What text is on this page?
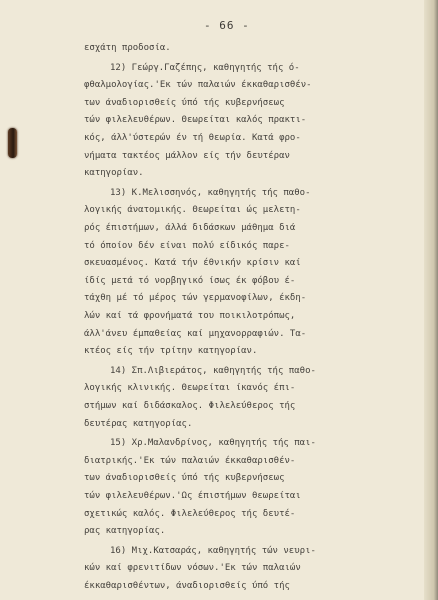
- 66 -
εσχάτη προδοσία.
12) Γεώργ.Γαζέπης, καθηγητής τής ό-
φθαλμολογίας.'Εκ τών παλαιών έκκαθαρισθέν-
των άναδιορισθείς ύπό τής κυβερνήσεως
τών φιλελευθέρων. Θεωρείται καλός πρακτι-
κός, άλλ'ύστερών έν τή θεωρία. Κατά φρο-
νήματα τακτέος μάλλον είς τήν δευτέραν
κατηγορίαν.
13) Κ.Μελισσηνός, καθηγητής τής παθο-
λογικής άνατομικής. Θεωρείται ώς μελετη-
ρός έπιστήμων, άλλά διδάσκων μάθημα διά
τό όποίον δέν είναι πολύ είδικός παρε-
σκευασμένος. Κατά τήν έθνικήν κρίσιν καί
ίδίς μετά τό νορβηγικό ίσως έκ φόβου έ-
τάχθη μέ τό μέρος τών γερμανοφίλων, έκδη-
λών καί τά φρονήματά του ποικιλοτρόπως,
άλλ'άνευ έμπαθείας καί μηχανορραφιών. Τα-
κτέος είς τήν τρίτην κατηγορίαν.
14) Σπ.Λιβιεράτος, καθηγητής τής παθο-
λογικής κλινικής. Θεωρείται ίκανός έπι-
στήμων καί διδάσκαλος. Φιλελεύθερος τής
δευτέρας κατηγορίας.
15) Χρ.Μαλανδρίνος, καθηγητής τής παι-
διατρικής.'Εκ τών παλαιών έκκαθαρισθέν-
των άναδιορισθείς ύπό τής κυβερνήσεως
τών φιλελευθέρων.'Ως έπιστήμων θεωρείται
σχετικώς καλός. Φιλελεύθερος τής δευτέ-
ρας κατηγορίας.
16) Μιχ.Κατσαράς, καθηγητής τών νευρι-
κών καί φρενιτίδων νόσων.'Εκ τών παλαιών
έκκαθαρισθέντων, άναδιορισθείς ύπό τής
